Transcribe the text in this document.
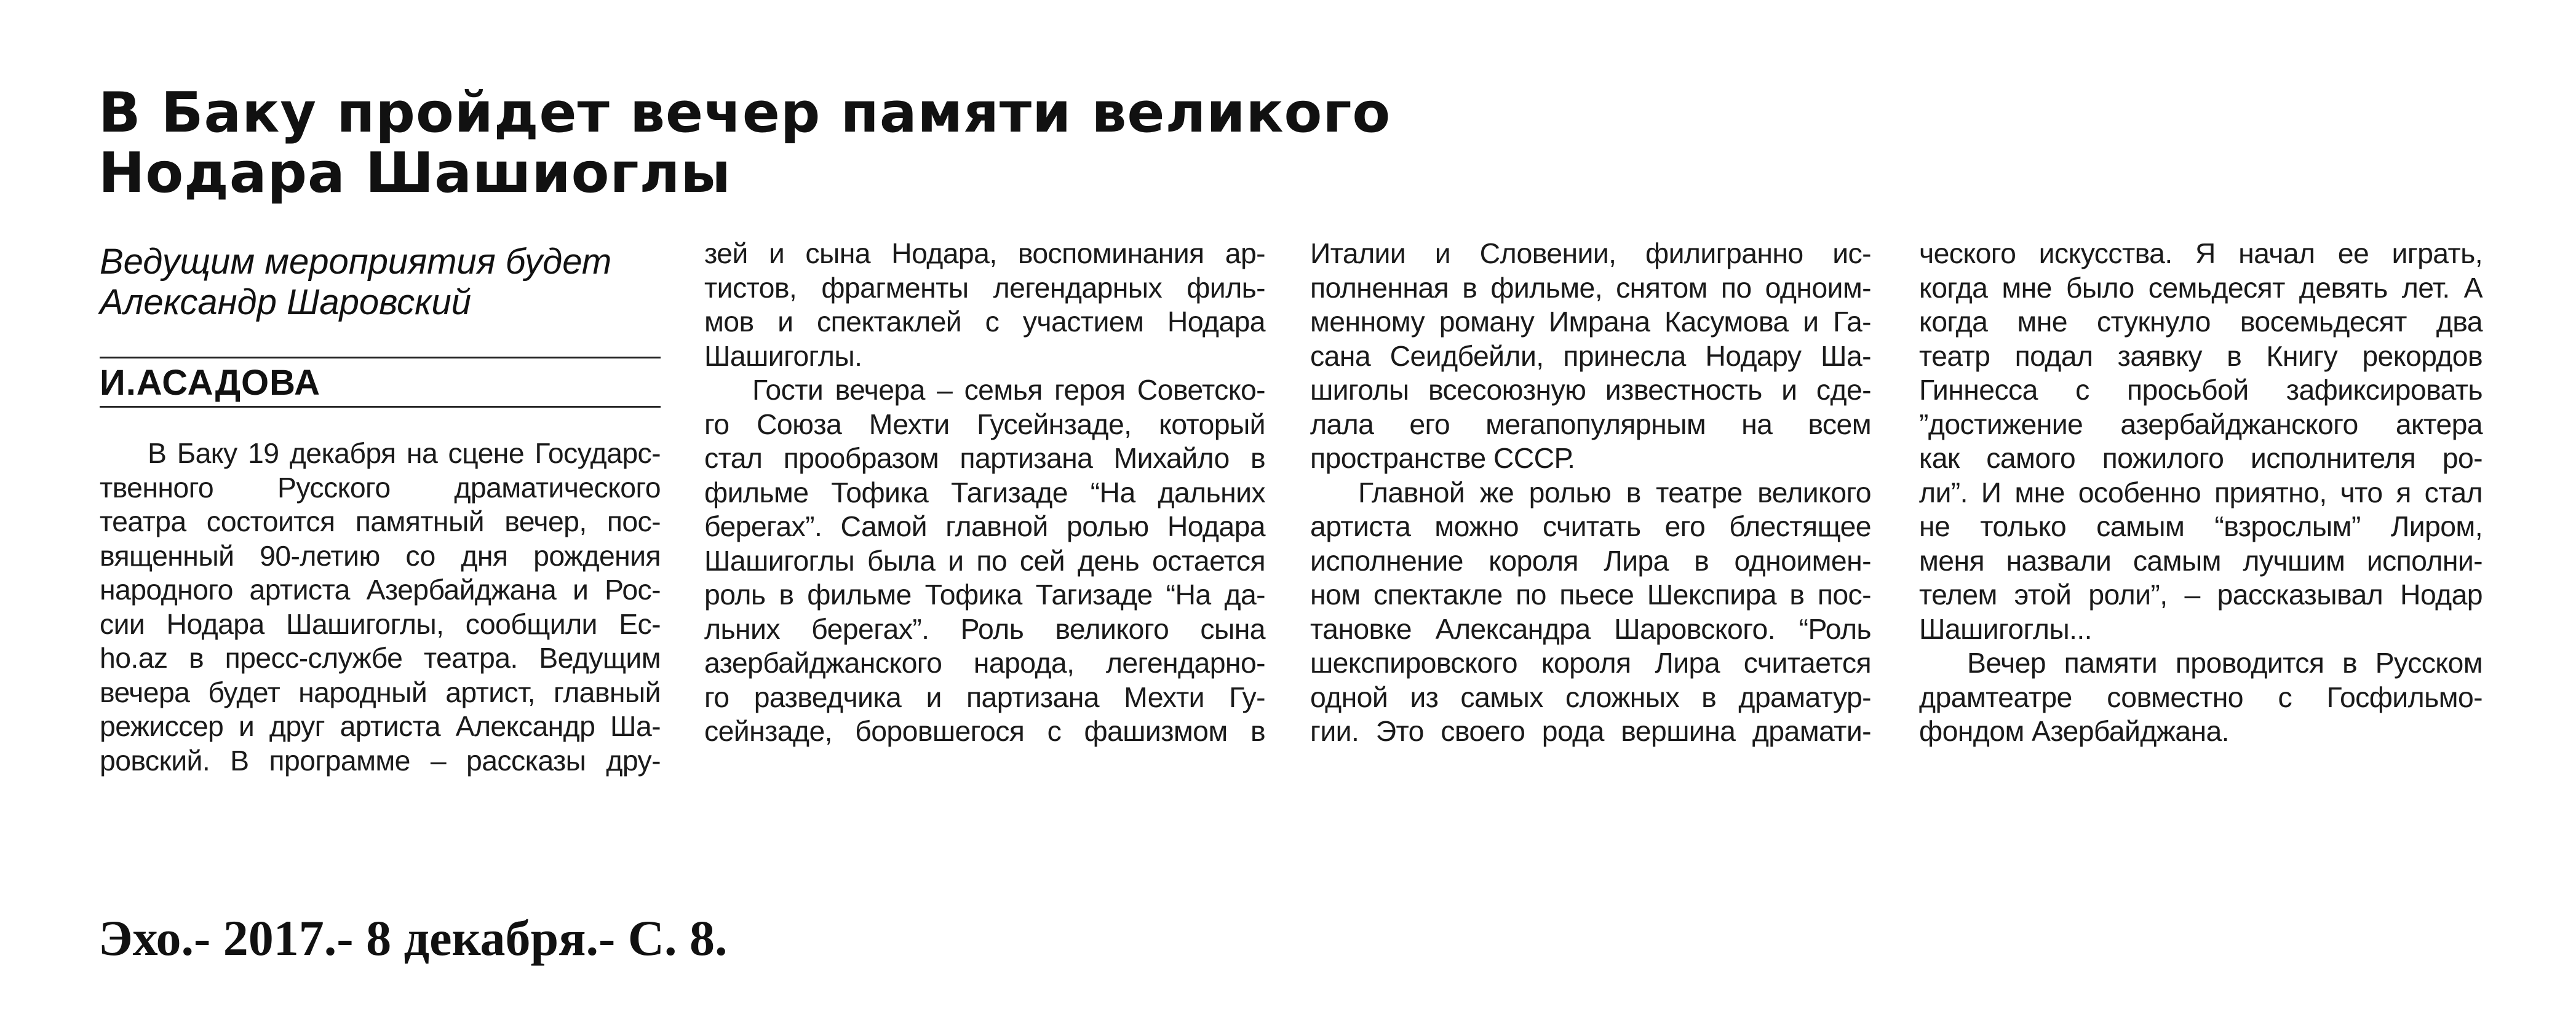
В Баку пройдет вечер памяти великого
Нодара Шашиоглы
Ведущим мероприятия будет
Александр Шаровский
И.АСАДОВА
В Баку 19 декабря на сцене Государс-
твенного Русского драматического
театра состоится памятный вечер, пос-
вященный 90-летию со дня рождения
народного артиста Азербайджана и Рос-
сии Нодара Шашигоглы, сообщили Ec-
ho.az в пресс-службе театра. Ведущим
вечера будет народный артист, главный
режиссер и друг артиста Александр Ша-
ровский. В программе – рассказы дру-
зей и сына Нодара, воспоминания ар-
тистов, фрагменты легендарных филь-
мов и спектаклей с участием Нодара
Шашигоглы.
Гости вечера – семья героя Советско-
го Союза Мехти Гусейнзаде, который
стал прообразом партизана Михайло в
фильме Тофика Тагизаде “На дальних
берегах”. Самой главной ролью Нодара
Шашигоглы была и по сей день остается
роль в фильме Тофика Тагизаде “На да-
льних берегах”. Роль великого сына
азербайджанского народа, легендарно-
го разведчика и партизана Мехти Гу-
сейнзаде, боровшегося с фашизмом в
Италии и Словении, филигранно ис-
полненная в фильме, снятом по одноим-
менному роману Имрана Касумова и Га-
сана Сеидбейли, принесла Нодару Ша-
шиголы всесоюзную известность и сде-
лала его мегапопулярным на всем
пространстве СССР.
Главной же ролью в театре великого
артиста можно считать его блестящее
исполнение короля Лира в одноимен-
ном спектакле по пьесе Шекспира в пос-
тановке Александра Шаровского. “Роль
шекспировского короля Лира считается
одной из самых сложных в драматур-
гии. Это своего рода вершина драмати-
ческого искусства. Я начал ее играть,
когда мне было семьдесят девять лет. А
когда мне стукнуло восемьдесят два
театр подал заявку в Книгу рекордов
Гиннесса с просьбой зафиксировать
”достижение азербайджанского актера
как самого пожилого исполнителя ро-
ли”. И мне особенно приятно, что я стал
не только самым “взрослым” Лиром,
меня назвали самым лучшим исполни-
телем этой роли”, – рассказывал Нодар
Шашигоглы...
Вечер памяти проводится в Русском
драмтеатре совместно с Госфильмо-
фондом Азербайджана.
Эхо.- 2017.- 8 декабря.- С. 8.
